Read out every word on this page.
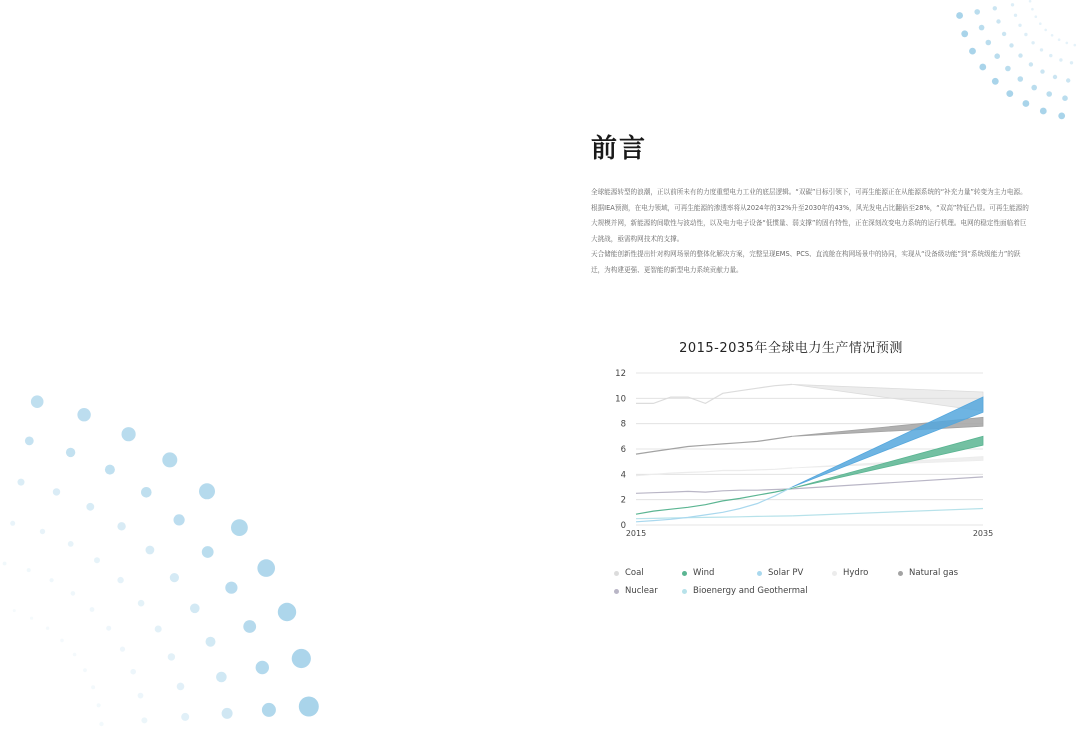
前言

全球能源转型的浪潮，正以前所未有的力度重塑电力工业的底层逻辑。“双碳”目标引领下，可再生能源正在从能源系统的“补充力量”转变为主力电源。根据IEA预测，在电力领域，可再生能源的渗透率将从2024年的32%升至2030年的43%，风光发电占比翻倍至28%，“双高”特征凸显。可再生能源的大规模并网，新能源的间歇性与波动性，以及电力电子设备“低惯量、弱支撑”的固有特性，正在深刻改变电力系统的运行机理。电网的稳定性面临着巨大挑战，亟需构网技术的支撑。

天合储能创新性提出针对构网场景的整体化解决方案，完整呈现EMS、PCS、直流舱在构网场景中的协同，实现从“设备级功能”到“系统级能力”的跃迁，为构建更强、更智能的新型电力系统贡献力量。

2015-2035年全球电力生产情况预测
0
2
4
6
8
10
12
2015	2035
Coal	Wind	Solar PV	Hydro	Natural gas
Nuclear	Bioenergy and Geothermal
